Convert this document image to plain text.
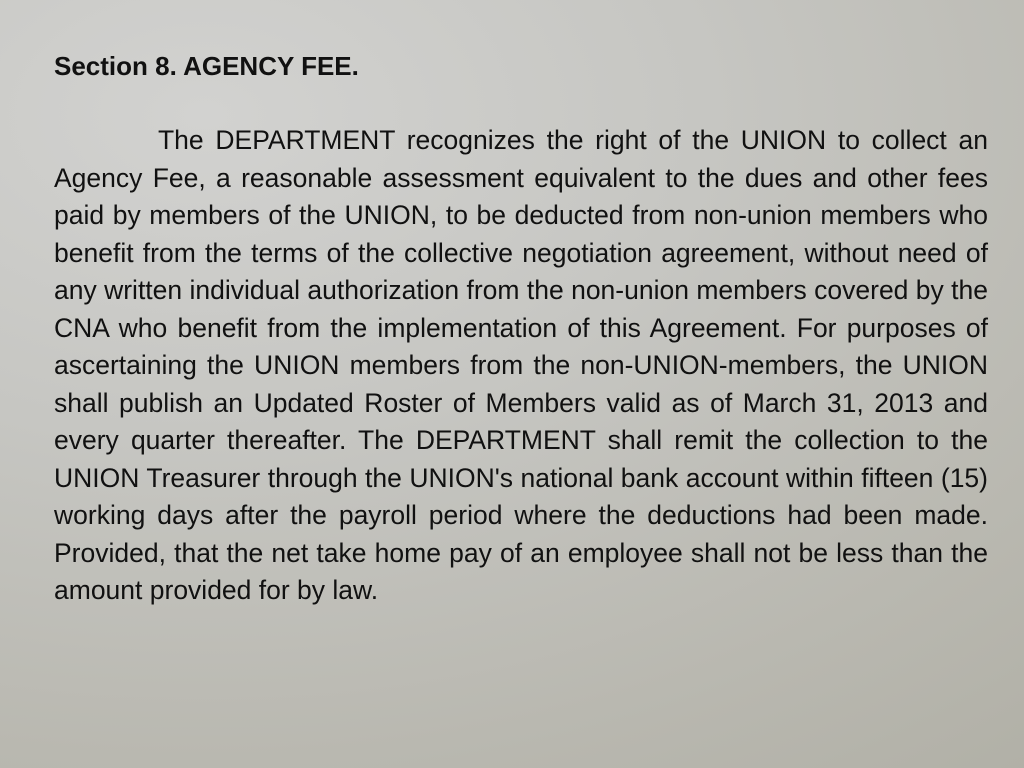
Section 8. AGENCY FEE.

The DEPARTMENT recognizes the right of the UNION to collect an Agency Fee, a reasonable assessment equivalent to the dues and other fees paid by members of the UNION, to be deducted from non-union members who benefit from the terms of the collective negotiation agreement, without need of any written individual authorization from the non-union members covered by the CNA who benefit from the implementation of this Agreement. For purposes of ascertaining the UNION members from the non-UNION-members, the UNION shall publish an Updated Roster of Members valid as of March 31, 2013 and every quarter thereafter. The DEPARTMENT shall remit the collection to the UNION Treasurer through the UNION's national bank account within fifteen (15) working days after the payroll period where the deductions had been made.  Provided, that the net take home pay of an employee shall not be less than the amount provided for by law.
